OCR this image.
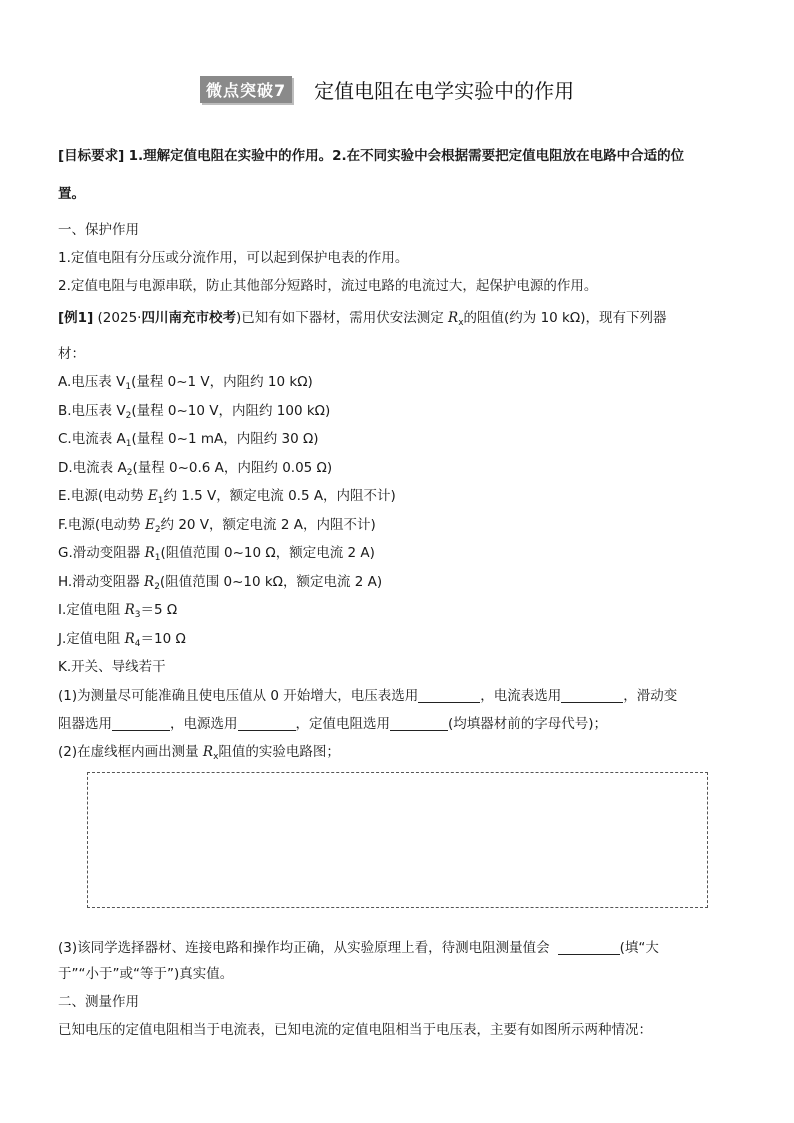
微点突破7	定值电阻在电学实验中的作用
[目标要求] 1.理解定值电阻在实验中的作用。2.在不同实验中会根据需要把定值电阻放在电路中合适的位
置。
一、保护作用
1.定值电阻有分压或分流作用，可以起到保护电表的作用。
2.定值电阻与电源串联，防止其他部分短路时，流过电路的电流过大，起保护电源的作用。
[例1] (2025·四川南充市校考)已知有如下器材，需用伏安法测定 $R_x$的阻值(约为 10 kΩ)，现有下列器
材：
A.电压表 $V_1$(量程 0~1 V，内阻约 10 kΩ)
B.电压表 $V_2$(量程 0~10 V，内阻约 100 kΩ)
C.电流表 $A_1$(量程 0~1 mA，内阻约 30 Ω)
D.电流表 $A_2$(量程 0~0.6 A，内阻约 0.05 Ω)
E.电源(电动势 $E_1$约 1.5 V，额定电流 0.5 A，内阻不计)
F.电源(电动势 $E_2$约 20 V，额定电流 2 A，内阻不计)
G.滑动变阻器 $R_1$(阻值范围 0~10 Ω，额定电流 2 A)
H.滑动变阻器 $R_2$(阻值范围 0~10 kΩ，额定电流 2 A)
I.定值电阻 $R_3=5$ Ω
J.定值电阻 $R_4=10$ Ω
K.开关、导线若干
(1)为测量尽可能准确且使电压值从 0 开始增大，电压表选用	，电流表选用	，滑动变
阻器选用	，电源选用	，定值电阻选用	(均填器材前的字母代号)；
(2)在虚线框内画出测量 $R_x$阻值的实验电路图；
(3)该同学选择器材、连接电路和操作均正确，从实验原理上看，待测电阻测量值会	(填“大
于”“小于”或“等于”)真实值。
二、测量作用
已知电压的定值电阻相当于电流表，已知电流的定值电阻相当于电压表，主要有如图所示两种情况：
